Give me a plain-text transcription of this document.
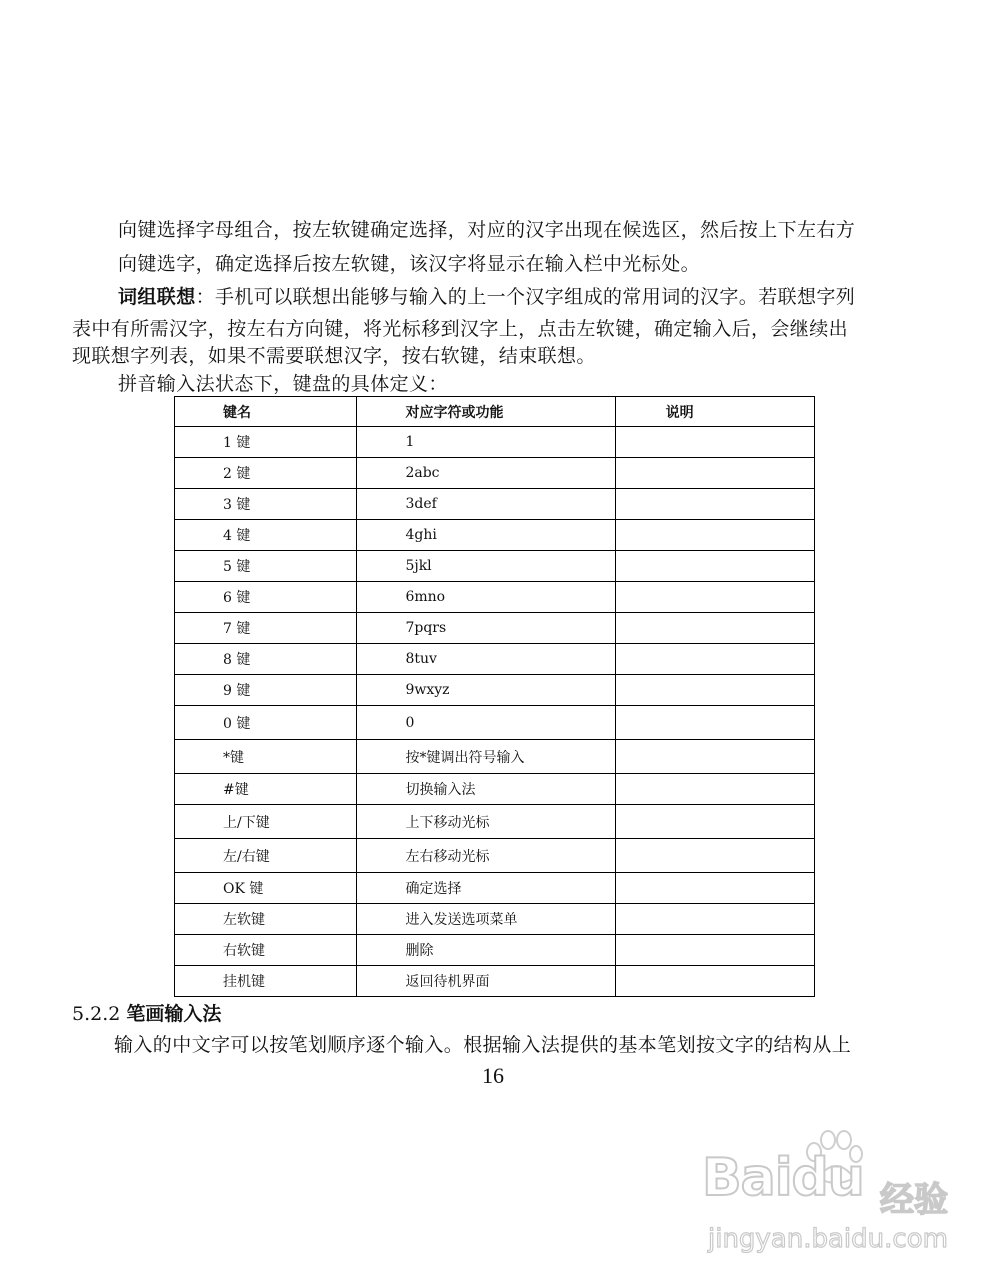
向键选择字母组合，按左软键确定选择，对应的汉字出现在候选区，然后按上下左右方
向键选字，确定选择后按左软键，该汉字将显示在输入栏中光标处。
词组联想：手机可以联想出能够与输入的上一个汉字组成的常用词的汉字。若联想字列
表中有所需汉字，按左右方向键，将光标移到汉字上，点击左软键，确定输入后，会继续出
现联想字列表，如果不需要联想汉字，按右软键，结束联想。
拼音输入法状态下，键盘的具体定义：
键名	对应字符或功能	说明
1 键	1	
2 键	2abc	
3 键	3def	
4 键	4ghi	
5 键	5jkl	
6 键	6mno	
7 键	7pqrs	
8 键	8tuv	
9 键	9wxyz	
0 键	0	
*键	按*键调出符号输入	
#键	切换输入法	
上/下键	上下移动光标	
左/右键	左右移动光标	
OK 键	确定选择	
左软键	进入发送选项菜单	
右软键	删除	
挂机键	返回待机界面	
5.2.2 笔画输入法
输入的中文字可以按笔划顺序逐个输入。根据输入法提供的基本笔划按文字的结构从上
16
Baidu 经验
jingyan.baidu.com
